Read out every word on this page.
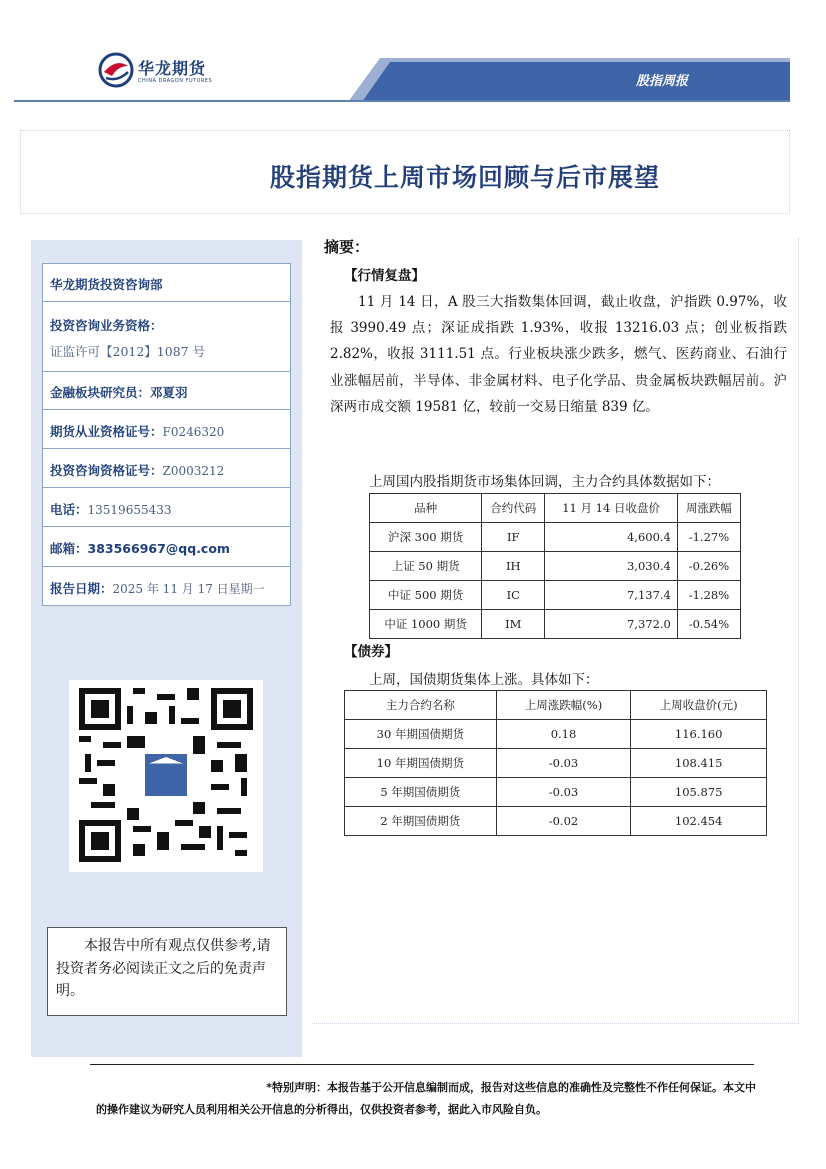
华龙期货
CHINA DRAGON FUTURES	股指周报
股指期货上周市场回顾与后市展望
华龙期货投资咨询部
投资咨询业务资格：
证监许可【2012】1087 号
金融板块研究员：邓夏羽
期货从业资格证号：F0246320
投资咨询资格证号：Z0003212
电话：13519655433
邮箱：383566967@qq.com
报告日期：2025 年 11 月 17 日星期一

本报告中所有观点仅供参考,请投资者务必阅读正文之后的免责声明。

摘要：
【行情复盘】
11 月 14 日，A 股三大指数集体回调，截止收盘，沪指跌 0.97%，收报 3990.49 点；深证成指跌 1.93%，收报 13216.03 点；创业板指跌 2.82%，收报 3111.51 点。行业板块涨少跌多，燃气、医药商业、石油行业涨幅居前，半导体、非金属材料、电子化学品、贵金属板块跌幅居前。沪深两市成交额 19581 亿，较前一交易日缩量 839 亿。
上周国内股指期货市场集体回调，主力合约具体数据如下：
品种	合约代码	11 月 14 日收盘价	周涨跌幅
沪深 300 期货	IF	4,600.4	-1.27%
上证 50 期货	IH	3,030.4	-0.26%
中证 500 期货	IC	7,137.4	-1.28%
中证 1000 期货	IM	7,372.0	-0.54%
【债券】
上周，国债期货集体上涨。具体如下：
主力合约名称	上周涨跌幅(%)	上周收盘价(元)
30 年期国债期货	0.18	116.160
10 年期国债期货	-0.03	108.415
5 年期国债期货	-0.03	105.875
2 年期国债期货	-0.02	102.454
*特别声明：本报告基于公开信息编制而成，报告对这些信息的准确性及完整性不作任何保证。本文中
的操作建议为研究人员利用相关公开信息的分析得出，仅供投资者参考，据此入市风险自负。
